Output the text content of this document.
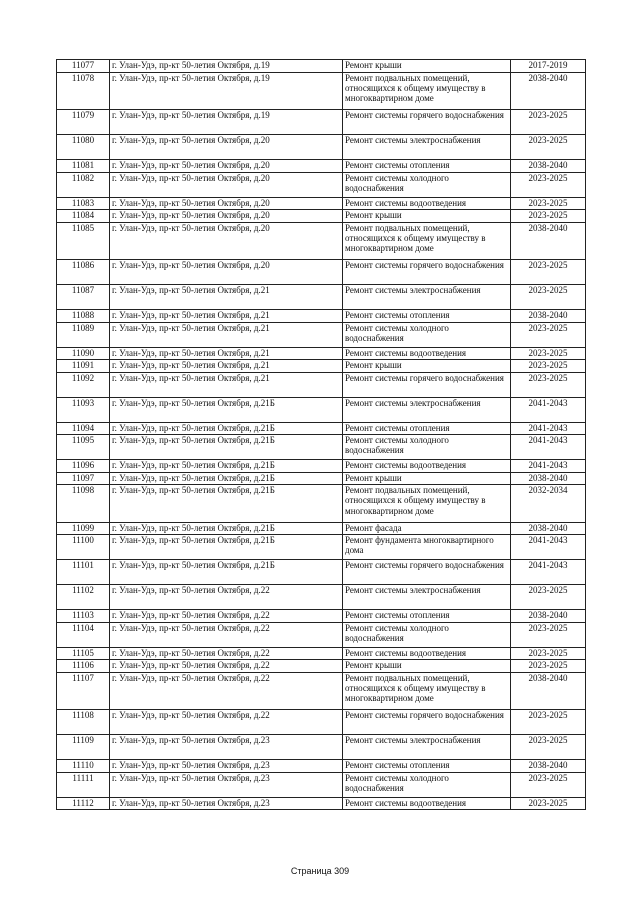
11077	г. Улан-Удэ, пр-кт 50-летия Октября, д.19	Ремонт крыши	2017-2019
11078	г. Улан-Удэ, пр-кт 50-летия Октября, д.19	Ремонт подвальных помещений, относящихся к общему имуществу в многоквартирном доме	2038-2040
11079	г. Улан-Удэ, пр-кт 50-летия Октября, д.19	Ремонт системы горячего водоснабжения	2023-2025
11080	г. Улан-Удэ, пр-кт 50-летия Октября, д.20	Ремонт системы электроснабжения	2023-2025
11081	г. Улан-Удэ, пр-кт 50-летия Октября, д.20	Ремонт системы отопления	2038-2040
11082	г. Улан-Удэ, пр-кт 50-летия Октября, д.20	Ремонт системы холодного водоснабжения	2023-2025
11083	г. Улан-Удэ, пр-кт 50-летия Октября, д.20	Ремонт системы водоотведения	2023-2025
11084	г. Улан-Удэ, пр-кт 50-летия Октября, д.20	Ремонт крыши	2023-2025
11085	г. Улан-Удэ, пр-кт 50-летия Октября, д.20	Ремонт подвальных помещений, относящихся к общему имуществу в многоквартирном доме	2038-2040
11086	г. Улан-Удэ, пр-кт 50-летия Октября, д.20	Ремонт системы горячего водоснабжения	2023-2025
11087	г. Улан-Удэ, пр-кт 50-летия Октября, д.21	Ремонт системы электроснабжения	2023-2025
11088	г. Улан-Удэ, пр-кт 50-летия Октября, д.21	Ремонт системы отопления	2038-2040
11089	г. Улан-Удэ, пр-кт 50-летия Октября, д.21	Ремонт системы холодного водоснабжения	2023-2025
11090	г. Улан-Удэ, пр-кт 50-летия Октября, д.21	Ремонт системы водоотведения	2023-2025
11091	г. Улан-Удэ, пр-кт 50-летия Октября, д.21	Ремонт крыши	2023-2025
11092	г. Улан-Удэ, пр-кт 50-летия Октября, д.21	Ремонт системы горячего водоснабжения	2023-2025
11093	г. Улан-Удэ, пр-кт 50-летия Октября, д.21Б	Ремонт системы электроснабжения	2041-2043
11094	г. Улан-Удэ, пр-кт 50-летия Октября, д.21Б	Ремонт системы отопления	2041-2043
11095	г. Улан-Удэ, пр-кт 50-летия Октября, д.21Б	Ремонт системы холодного водоснабжения	2041-2043
11096	г. Улан-Удэ, пр-кт 50-летия Октября, д.21Б	Ремонт системы водоотведения	2041-2043
11097	г. Улан-Удэ, пр-кт 50-летия Октября, д.21Б	Ремонт крыши	2038-2040
11098	г. Улан-Удэ, пр-кт 50-летия Октября, д.21Б	Ремонт подвальных помещений, относящихся к общему имуществу в многоквартирном доме	2032-2034
11099	г. Улан-Удэ, пр-кт 50-летия Октября, д.21Б	Ремонт фасада	2038-2040
11100	г. Улан-Удэ, пр-кт 50-летия Октября, д.21Б	Ремонт фундамента многоквартирного дома	2041-2043
11101	г. Улан-Удэ, пр-кт 50-летия Октября, д.21Б	Ремонт системы горячего водоснабжения	2041-2043
11102	г. Улан-Удэ, пр-кт 50-летия Октября, д.22	Ремонт системы электроснабжения	2023-2025
11103	г. Улан-Удэ, пр-кт 50-летия Октября, д.22	Ремонт системы отопления	2038-2040
11104	г. Улан-Удэ, пр-кт 50-летия Октября, д.22	Ремонт системы холодного водоснабжения	2023-2025
11105	г. Улан-Удэ, пр-кт 50-летия Октября, д.22	Ремонт системы водоотведения	2023-2025
11106	г. Улан-Удэ, пр-кт 50-летия Октября, д.22	Ремонт крыши	2023-2025
11107	г. Улан-Удэ, пр-кт 50-летия Октября, д.22	Ремонт подвальных помещений, относящихся к общему имуществу в многоквартирном доме	2038-2040
11108	г. Улан-Удэ, пр-кт 50-летия Октября, д.22	Ремонт системы горячего водоснабжения	2023-2025
11109	г. Улан-Удэ, пр-кт 50-летия Октября, д.23	Ремонт системы электроснабжения	2023-2025
11110	г. Улан-Удэ, пр-кт 50-летия Октября, д.23	Ремонт системы отопления	2038-2040
11111	г. Улан-Удэ, пр-кт 50-летия Октября, д.23	Ремонт системы холодного водоснабжения	2023-2025
11112	г. Улан-Удэ, пр-кт 50-летия Октября, д.23	Ремонт системы водоотведения	2023-2025
Страница 309
